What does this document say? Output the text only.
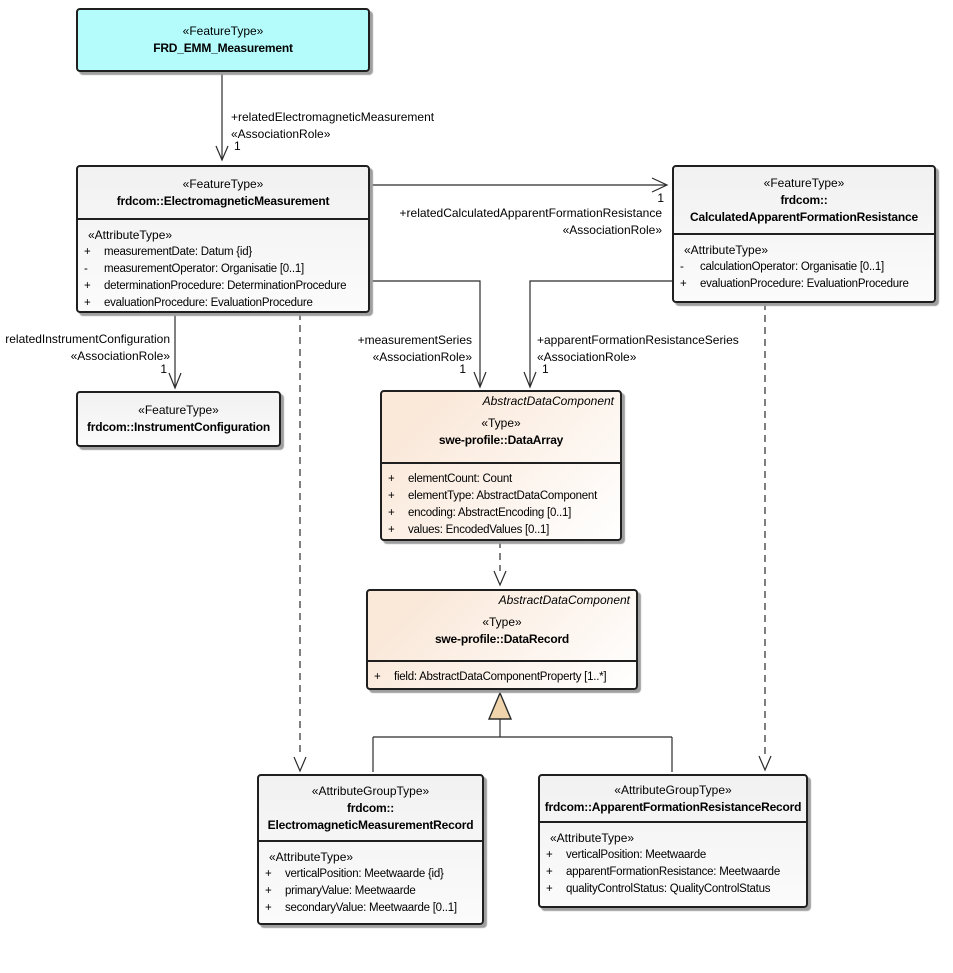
«FeatureType»
FRD_EMM_Measurement
«FeatureType»
frdcom::ElectromagneticMeasurement
«AttributeType»
+	measurementDate: Datum {id}
-	measurementOperator: Organisatie [0..1]
+	determinationProcedure: DeterminationProcedure
+	evaluationProcedure: EvaluationProcedure
«FeatureType»
frdcom::
CalculatedApparentFormationResistance
«AttributeType»
-	calculationOperator: Organisatie [0..1]
+	evaluationProcedure: EvaluationProcedure
«FeatureType»
frdcom::InstrumentConfiguration
AbstractDataComponent
«Type»
swe-profile::DataArray
+	elementCount: Count
+	elementType: AbstractDataComponent
+	encoding: AbstractEncoding [0..1]
+	values: EncodedValues [0..1]
AbstractDataComponent
«Type»
swe-profile::DataRecord
+	field: AbstractDataComponentProperty [1..*]
«AttributeGroupType»
frdcom::
ElectromagneticMeasurementRecord
«AttributeType»
+	verticalPosition: Meetwaarde {id}
+	primaryValue: Meetwaarde
+	secondaryValue: Meetwaarde [0..1]
«AttributeGroupType»
frdcom::ApparentFormationResistanceRecord
«AttributeType»
+	verticalPosition: Meetwaarde
+	apparentFormationResistance: Meetwaarde
+	qualityControlStatus: QualityControlStatus
+relatedElectromagneticMeasurement
«AssociationRole»
1
1
+relatedCalculatedApparentFormationResistance
«AssociationRole»
relatedInstrumentConfiguration
«AssociationRole»
1
+measurementSeries
«AssociationRole»
1
+apparentFormationResistanceSeries
«AssociationRole»
1
